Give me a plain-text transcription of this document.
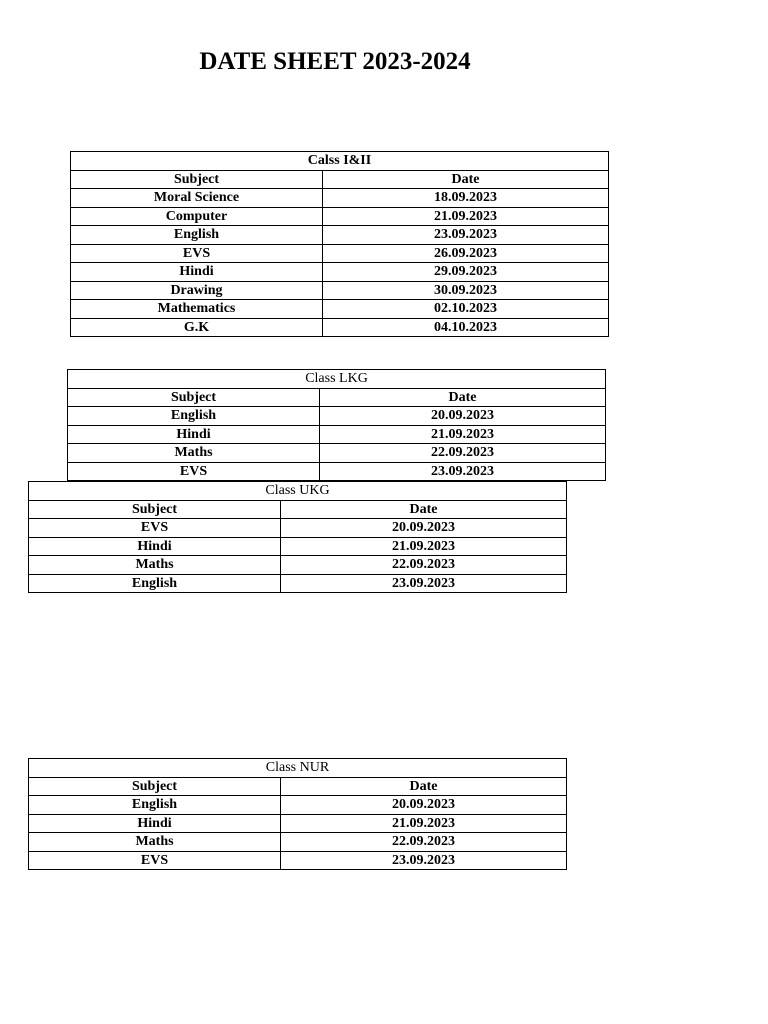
DATE SHEET 2023-2024
Calss I&II	
Subject	Date
Moral Science	18.09.2023
Computer	21.09.2023
English	23.09.2023
EVS	26.09.2023
Hindi	29.09.2023
Drawing	30.09.2023
Mathematics	02.10.2023
G.K	04.10.2023
Class LKG	
Subject	Date
English	20.09.2023
Hindi	21.09.2023
Maths	22.09.2023
EVS	23.09.2023
Class UKG	
Subject	Date
EVS	20.09.2023
Hindi	21.09.2023
Maths	22.09.2023
English	23.09.2023
Class NUR	
Subject	Date
English	20.09.2023
Hindi	21.09.2023
Maths	22.09.2023
EVS	23.09.2023
